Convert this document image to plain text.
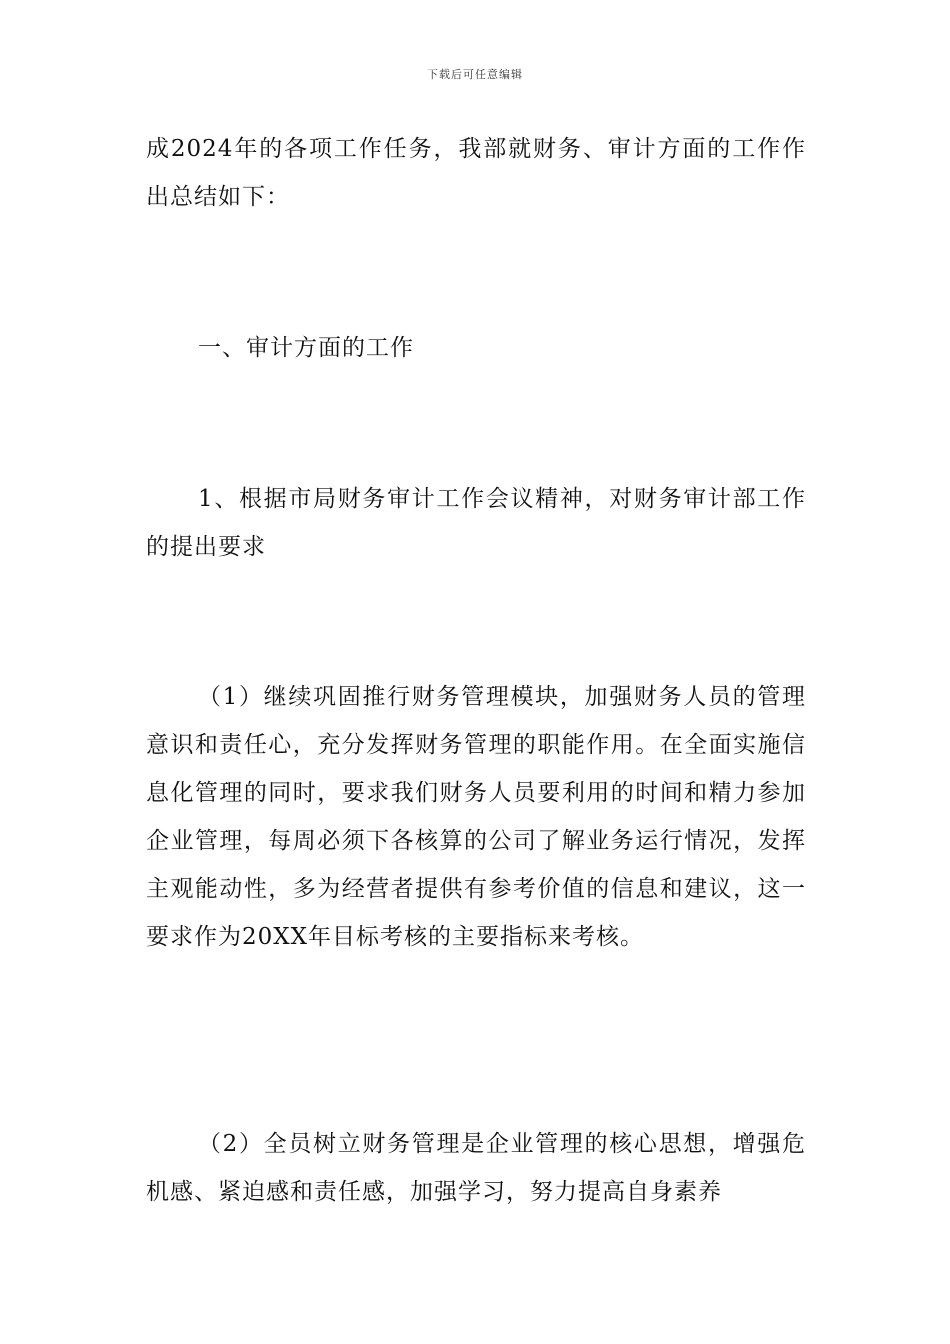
下载后可任意编辑

成2024年的各项工作任务，我部就财务、审计方面的工作作出总结如下：

一、审计方面的工作

1、根据市局财务审计工作会议精神，对财务审计部工作的提出要求

（1）继续巩固推行财务管理模块，加强财务人员的管理意识和责任心，充分发挥财务管理的职能作用。在全面实施信息化管理的同时，要求我们财务人员要利用的时间和精力参加企业管理，每周必须下各核算的公司了解业务运行情况，发挥主观能动性，多为经营者提供有参考价值的信息和建议，这一要求作为20XX年目标考核的主要指标来考核。

（2）全员树立财务管理是企业管理的核心思想，增强危机感、紧迫感和责任感，加强学习，努力提高自身素养
